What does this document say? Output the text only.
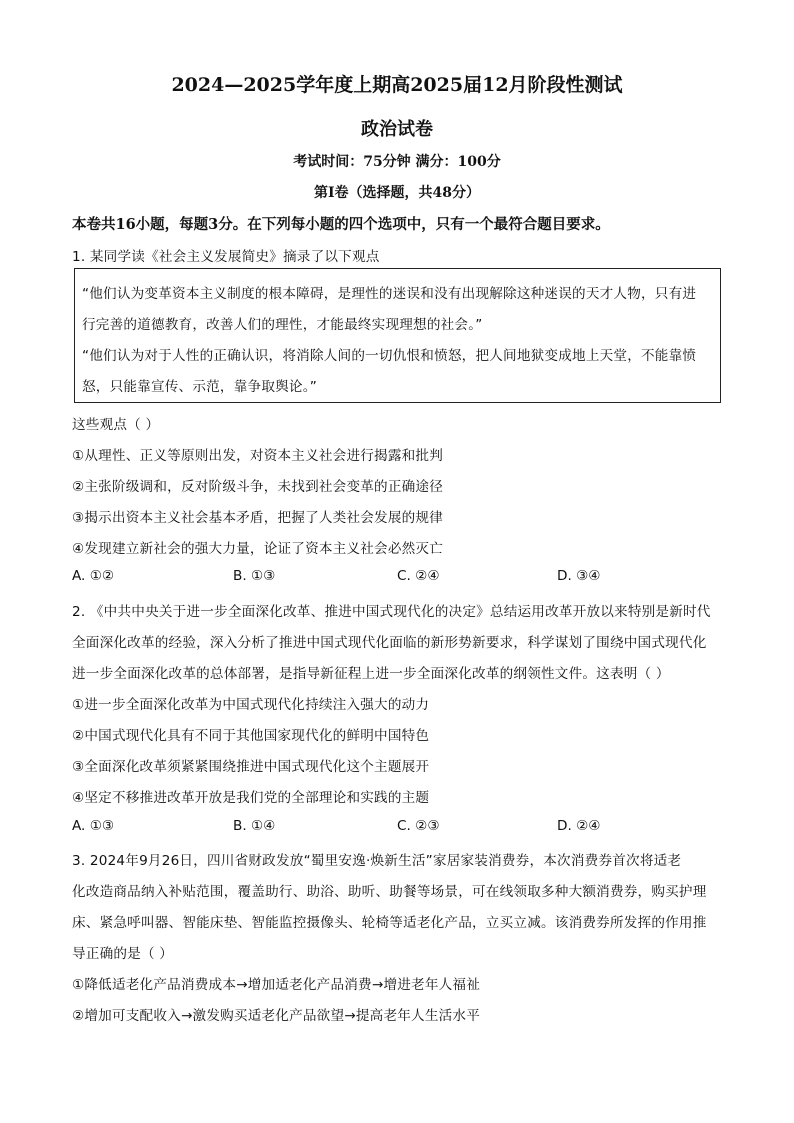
2024—2025学年度上期高2025届12月阶段性测试
政治试卷
考试时间：75分钟 满分：100分
第Ⅰ卷（选择题，共48分）
本卷共16小题，每题3分。在下列每小题的四个选项中，只有一个最符合题目要求。
1. 某同学读《社会主义发展简史》摘录了以下观点
“他们认为变革资本主义制度的根本障碍，是理性的迷误和没有出现解除这种迷误的天才人物，只有进
行完善的道德教育，改善人们的理性，才能最终实现理想的社会。”
“他们认为对于人性的正确认识，将消除人间的一切仇恨和愤怒，把人间地狱变成地上天堂，不能靠愤
怒，只能靠宣传、示范，靠争取舆论。”
这些观点（ ）
①从理性、正义等原则出发，对资本主义社会进行揭露和批判
②主张阶级调和，反对阶级斗争，未找到社会变革的正确途径
③揭示出资本主义社会基本矛盾，把握了人类社会发展的规律
④发现建立新社会的强大力量，论证了资本主义社会必然灭亡
A. ①②	B. ①③	C. ②④	D. ③④
2. 《中共中央关于进一步全面深化改革、推进中国式现代化的决定》总结运用改革开放以来特别是新时代
全面深化改革的经验，深入分析了推进中国式现代化面临的新形势新要求，科学谋划了围绕中国式现代化
进一步全面深化改革的总体部署，是指导新征程上进一步全面深化改革的纲领性文件。这表明（ ）
①进一步全面深化改革为中国式现代化持续注入强大的动力
②中国式现代化具有不同于其他国家现代化的鲜明中国特色
③全面深化改革须紧紧围绕推进中国式现代化这个主题展开
④坚定不移推进改革开放是我们党的全部理论和实践的主题
A. ①③	B. ①④	C. ②③	D. ②④
3. 2024年9月26日，四川省财政发放“蜀里安逸·焕新生活”家居家装消费券，本次消费券首次将适老
化改造商品纳入补贴范围，覆盖助行、助浴、助听、助餐等场景，可在线领取多种大额消费券，购买护理
床、紧急呼叫器、智能床垫、智能监控摄像头、轮椅等适老化产品，立买立减。该消费券所发挥的作用推
导正确的是（ ）
①降低适老化产品消费成本→增加适老化产品消费→增进老年人福祉
②增加可支配收入→激发购买适老化产品欲望→提高老年人生活水平
